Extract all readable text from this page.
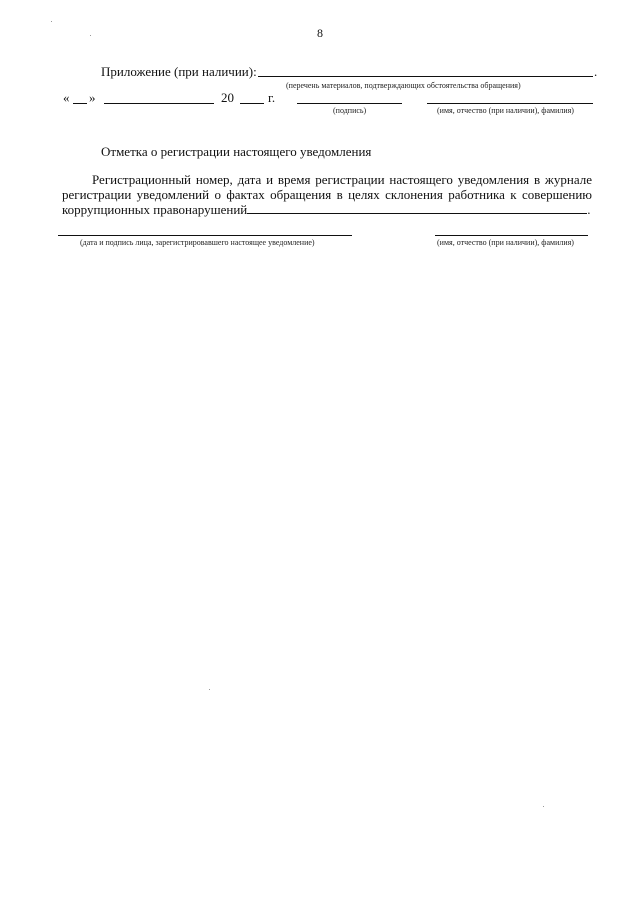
8
Приложение (при наличии):	.
(перечень материалов, подтверждающих обстоятельства обращения)
« »	20	г.
(подпись)	(имя, отчество (при наличии), фамилия)
Отметка о регистрации настоящего уведомления
Регистрационный номер, дата и время регистрации настоящего уведомления в журнале регистрации уведомлений о фактах обращения в целях склонения работника к совершению коррупционных правонарушений	.
(дата и подпись лица, зарегистрировавшего настоящее уведомление)	(имя, отчество (при наличии), фамилия)
